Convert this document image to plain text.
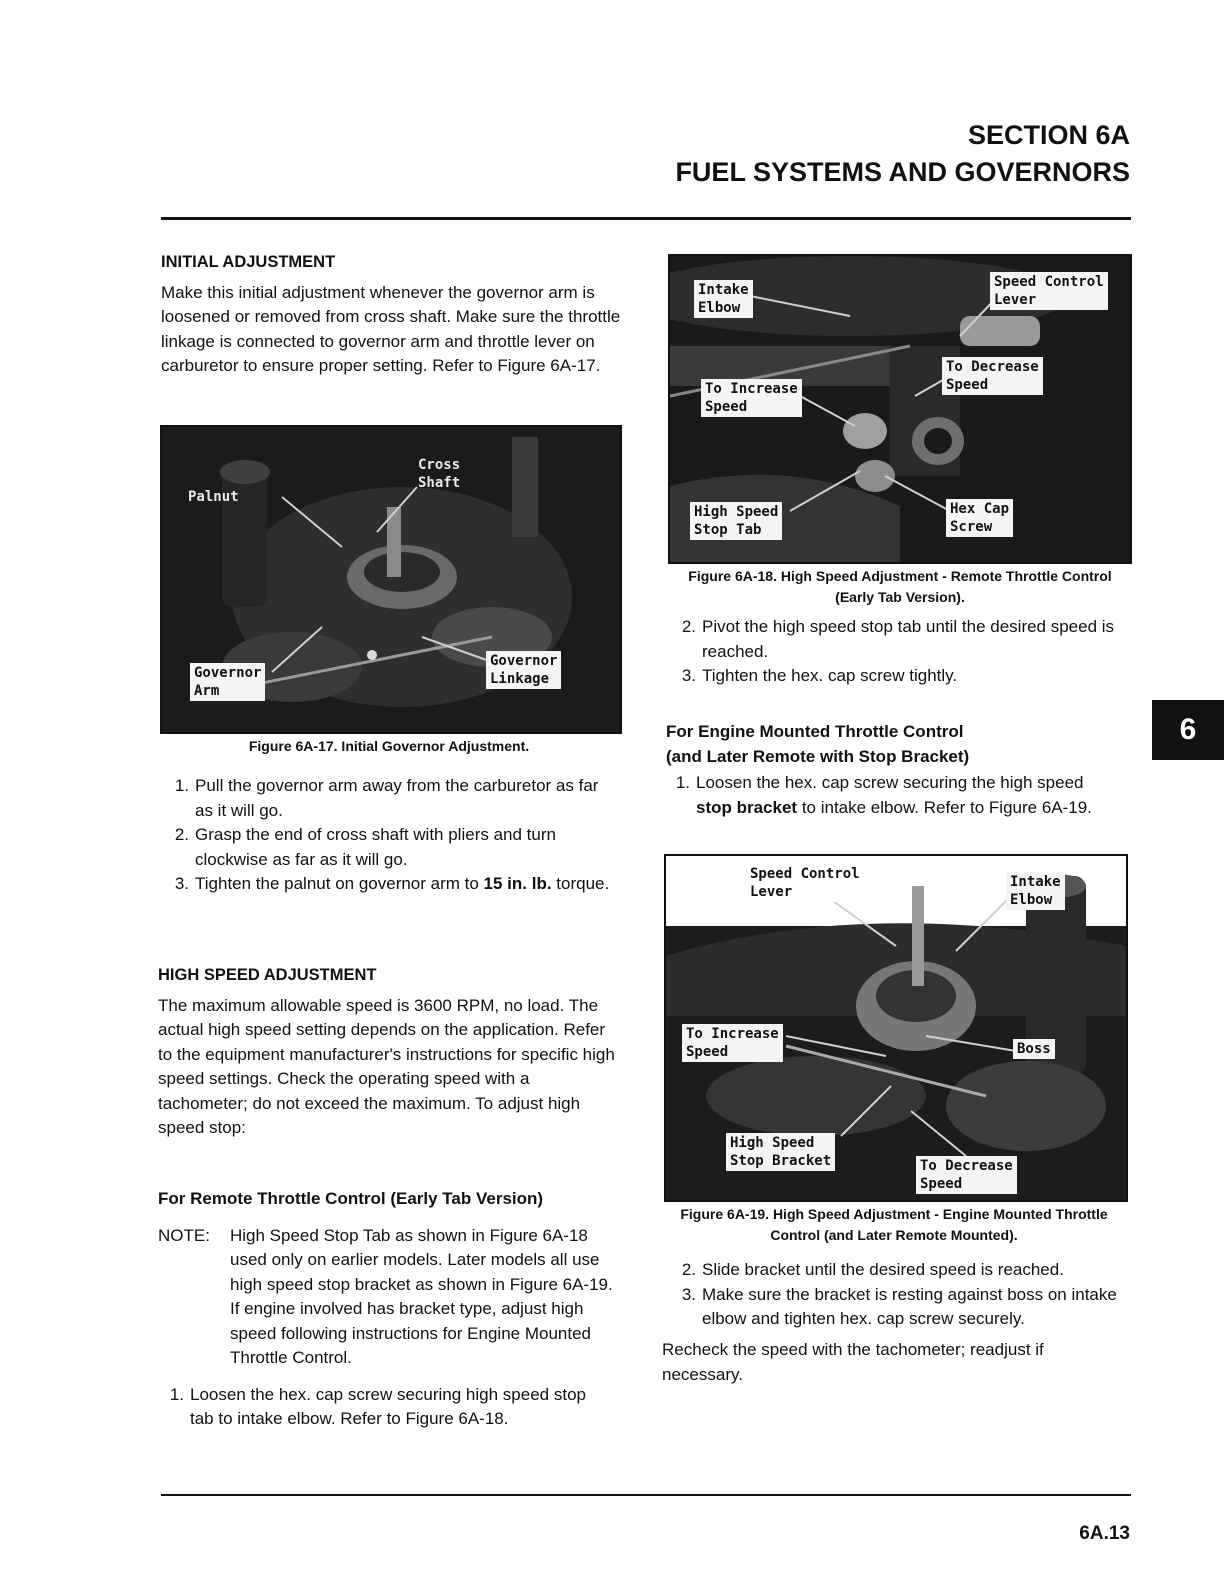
SECTION 6A
FUEL SYSTEMS AND GOVERNORS

INITIAL ADJUSTMENT

Make this initial adjustment whenever the governor arm is loosened or removed from cross shaft. Make sure the throttle linkage is connected to governor arm and throttle lever on carburetor to ensure proper setting. Refer to Figure 6A-17.

Cross
Shaft
Palnut
Governor
Linkage
Governor
Arm
Figure 6A-17. Initial Governor Adjustment.
1. Pull the governor arm away from the carburetor as far as it will go.
2. Grasp the end of cross shaft with pliers and turn clockwise as far as it will go.
3. Tighten the palnut on governor arm to 15 in. lb. torque.

HIGH SPEED ADJUSTMENT

The maximum allowable speed is 3600 RPM, no load. The actual high speed setting depends on the application. Refer to the equipment manufacturer's instructions for specific high speed settings. Check the operating speed with a tachometer; do not exceed the maximum. To adjust high speed stop:

For Remote Throttle Control (Early Tab Version)

NOTE:	High Speed Stop Tab as shown in Figure 6A-18 used only on earlier models. Later models all use high speed stop bracket as shown in Figure 6A-19. If engine involved has bracket type, adjust high speed following instructions for Engine Mounted Throttle Control.
1. Loosen the hex. cap screw securing high speed stop tab to intake elbow. Refer to Figure 6A-18.
Intake
Elbow
Speed Control
Lever
To Decrease
Speed
To Increase
Speed
High Speed
Stop Tab
Hex Cap
Screw
Figure 6A-18. High Speed Adjustment - Remote Throttle Control (Early Tab Version).
2. Pivot the high speed stop tab until the desired speed is reached.
3. Tighten the hex. cap screw tightly.

For Engine Mounted Throttle Control

(and Later Remote with Stop Bracket)

1. Loosen the hex. cap screw securing the high speed stop bracket to intake elbow. Refer to Figure 6A-19.
Speed Control
Lever
Intake
Elbow
To Increase
Speed	Boss
High Speed
Stop Bracket	To Decrease
Speed
Figure 6A-19. High Speed Adjustment - Engine Mounted Throttle Control (and Later Remote Mounted).
2. Slide bracket until the desired speed is reached.
3. Make sure the bracket is resting against boss on intake elbow and tighten hex. cap screw securely.

Recheck the speed with the tachometer; readjust if necessary.

6
6A.13
